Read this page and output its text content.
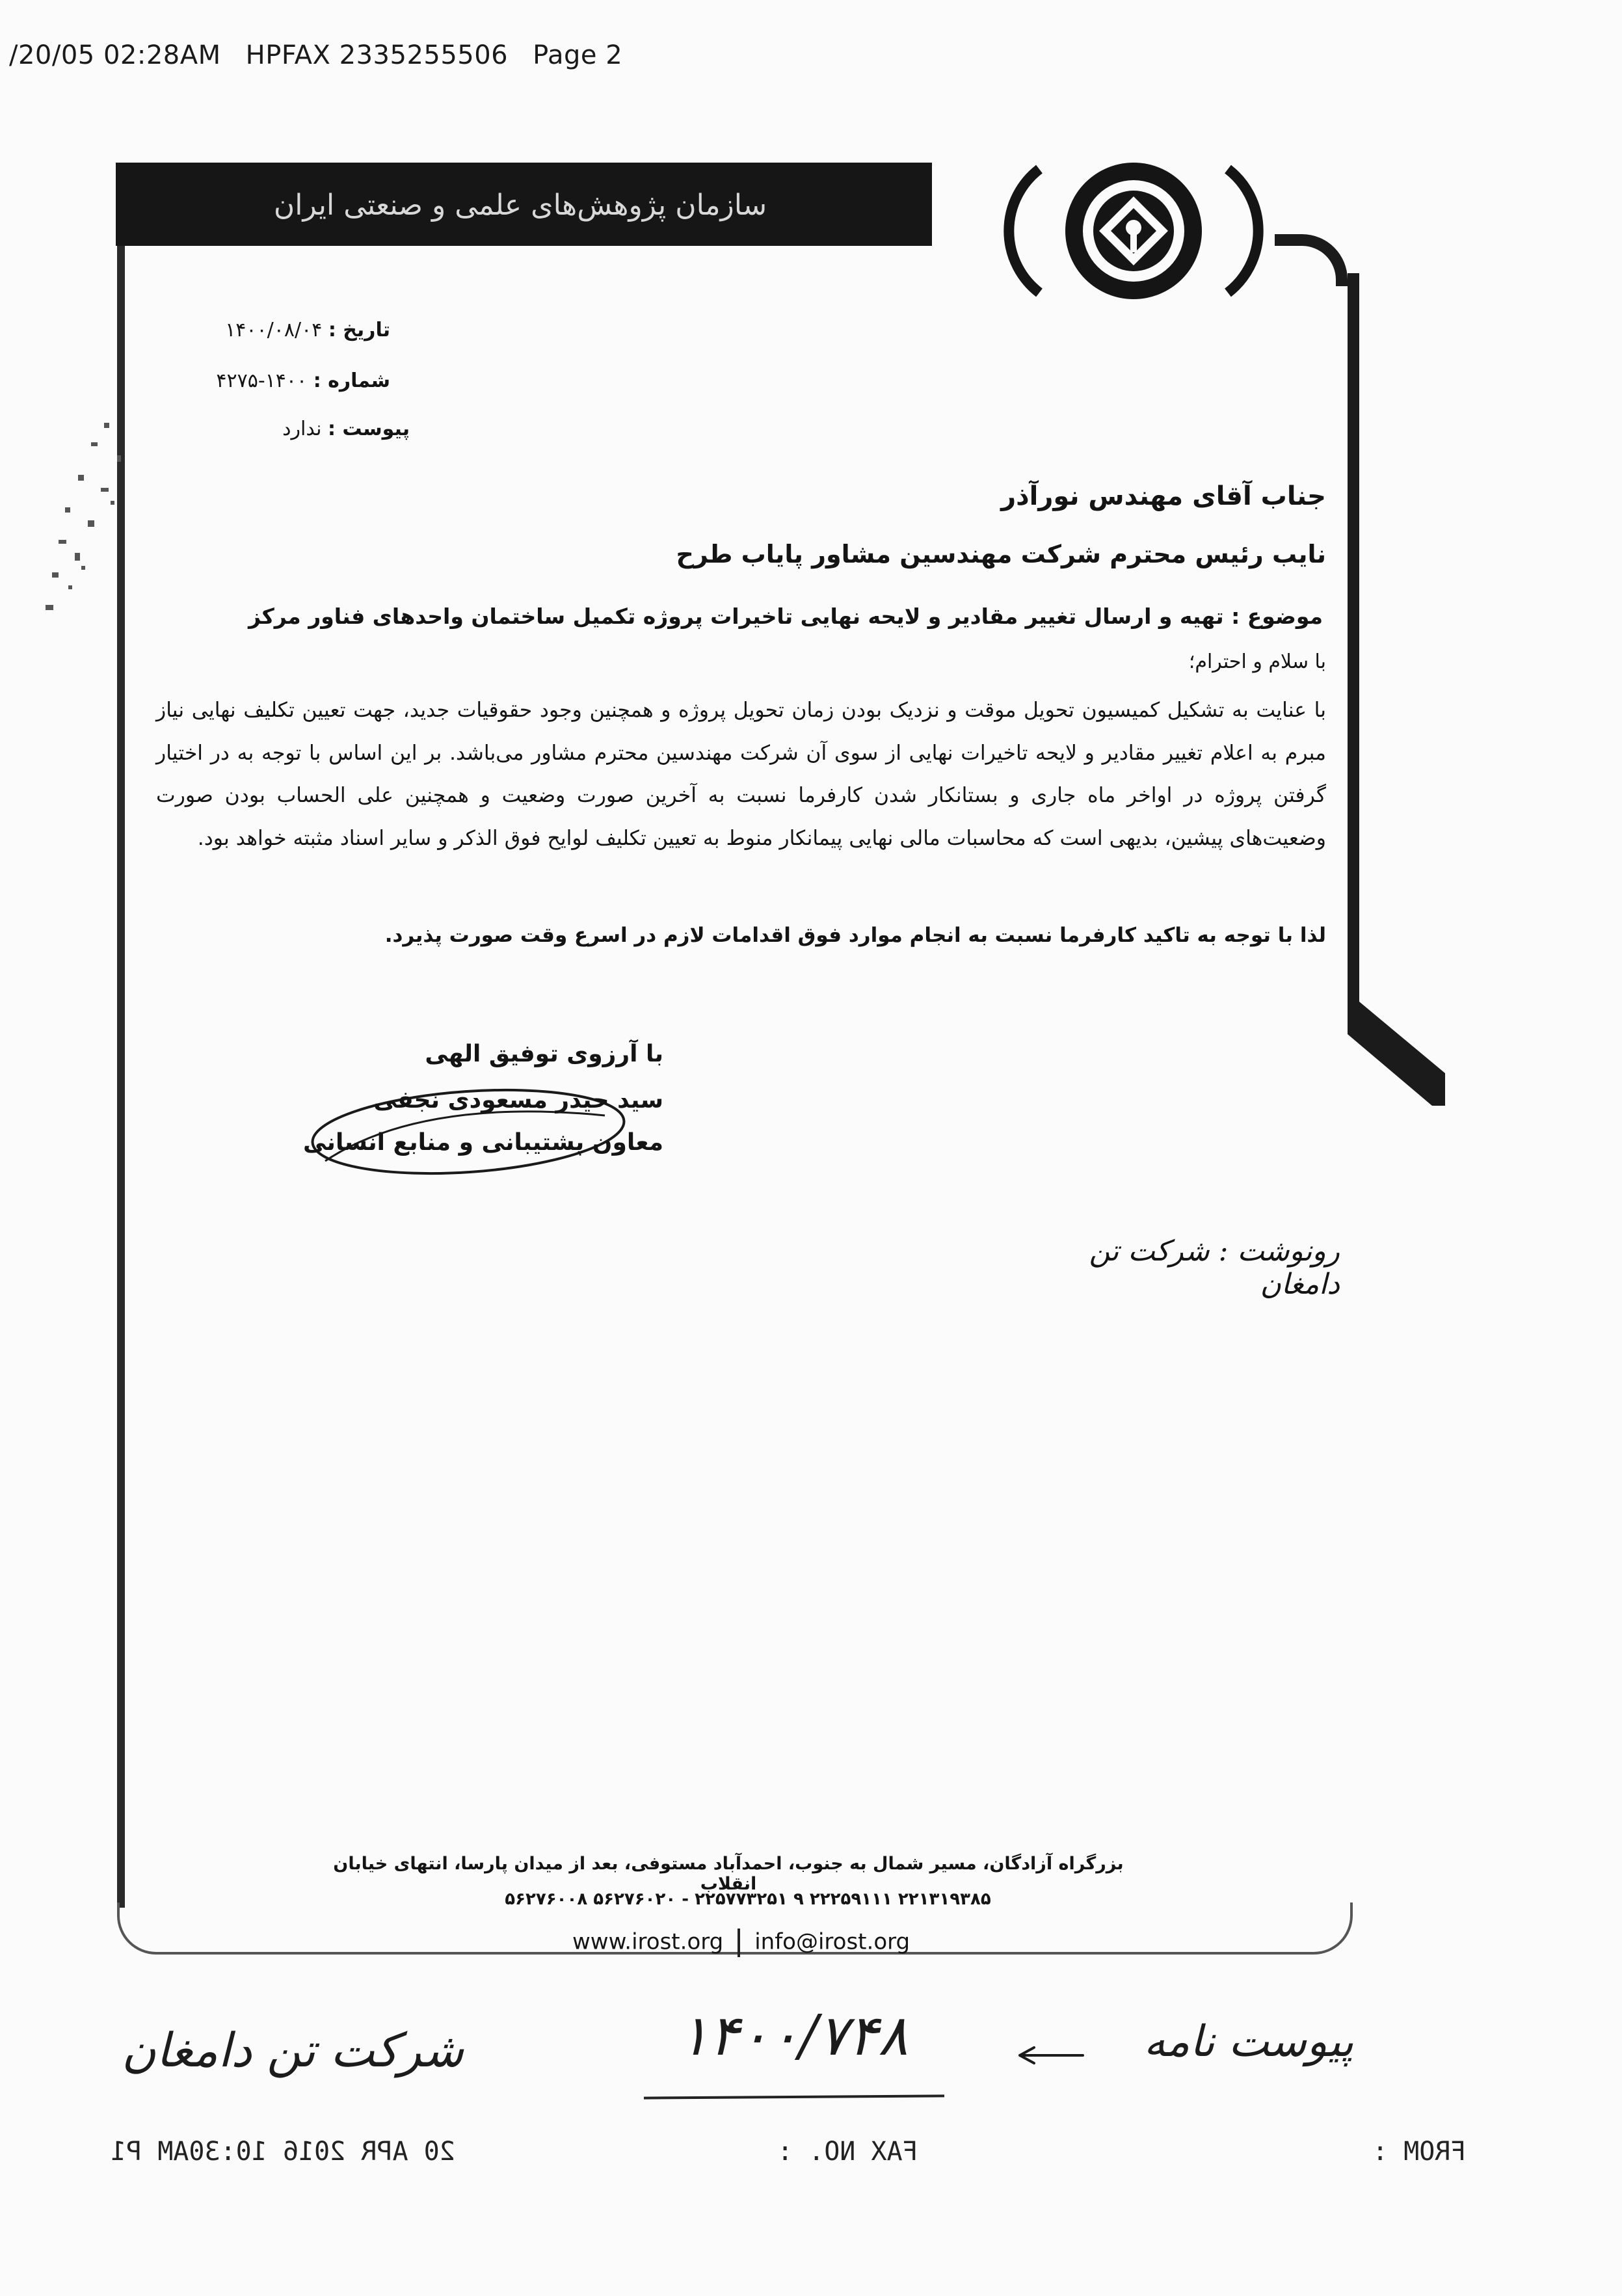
/20/05 02:28AM HPFAX 2335255506 Page 2
سازمان پژوهش‌های علمی و صنعتی ایران
تاریخ : ۱۴۰۰/۰۸/۰۴
شماره : ۱۴۰۰-۴۲۷۵
پیوست : ندارد
جناب آقای مهندس نورآذر
نایب رئیس محترم شرکت مهندسین مشاور پایاب طرح
موضوع : تهیه و ارسال تغییر مقادیر و لایحه نهایی تاخیرات پروژه تکمیل ساختمان واحدهای فناور مرکز
با سلام و احترام؛
با عنایت به تشکیل کمیسیون تحویل موقت و نزدیک بودن زمان تحویل پروژه و همچنین وجود حقوقیات جدید، جهت تعیین تکلیف نهایی نیاز مبرم به اعلام تغییر مقادیر و لایحه تاخیرات نهایی از سوی آن شرکت مهندسین محترم مشاور می‌باشد. بر این اساس با توجه به در اختیار گرفتن پروژه در اواخر ماه جاری و بستانکار شدن کارفرما نسبت به آخرین صورت وضعیت و همچنین علی الحساب بودن صورت وضعیت‌های پیشین، بدیهی است که محاسبات مالی نهایی پیمانکار منوط به تعیین تکلیف لوایح فوق الذکر و سایر اسناد مثبته خواهد بود.
لذا با توجه به تاکید کارفرما نسبت به انجام موارد فوق اقدامات لازم در اسرع وقت صورت پذیرد.
با آرزوی توفیق الهی
سید حیدر مسعودی نجفی
معاون پشتیبانی و منابع انسانی
رونوشت : شرکت تن دامغان
بزرگراه آزادگان، مسیر شمال به جنوب، احمدآباد مستوفی، بعد از میدان پارسا، انتهای خیابان انقلاب
۵۶۲۷۶۰۰۸ ۵۶۲۷۶۰۲۰ - ۲۲۵۷۷۳۲۵۱ ۹ ۲۲۲۵۹۱۱۱ ۲۲۱۳۱۹۳۸۵
www.irost.org info@irost.org
شرکت تن دامغان	۱۴۰۰/۷۴۸	پیوست نامه
20 APR 2016 10:30AM P1	FAX NO. :	FROM :
